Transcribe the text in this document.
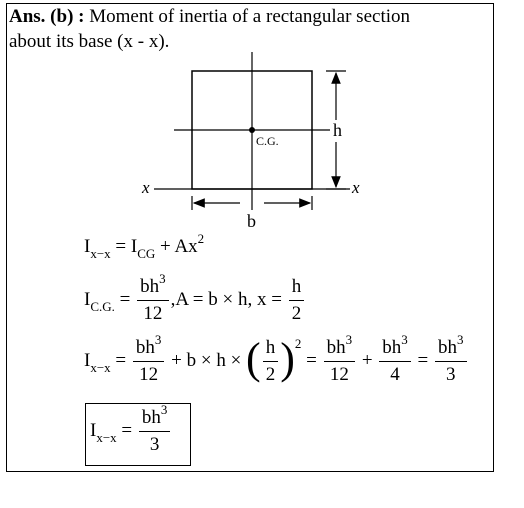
Ans. (b) : Moment of inertia of a rectangular section
about its base (x - x).
h
b
C.G.
x	x
$I_{x-x} = I_{CG} + Ax^2$
$I_{C.G.} = \frac{bh^3}{12} ,A = b \times h$, $x = \frac{h}{2}$
$I_{x-x} = \frac{bh^3}{12} + b \times h$ × ( $\frac{h}{2} )^2 = \frac{bh^3}{12} + \frac{bh^3}{4} = \frac{bh^3}{3}$
$I_{x-x} = \frac{bh^3}{3}$
